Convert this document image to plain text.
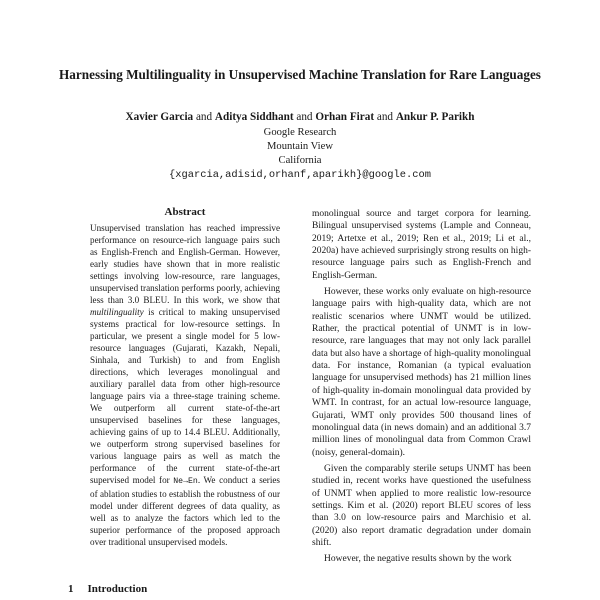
Harnessing Multilinguality in Unsupervised Machine Translation for Rare Languages
Xavier Garcia and Aditya Siddhant and Orhan Firat and Ankur P. Parikh
Google Research
Mountain View
California
{xgarcia,adisid,orhanf,aparikh}@google.com
Abstract

Unsupervised translation has reached impressive performance on resource-rich language pairs such as English-French and English-German. However, early studies have shown that in more realistic settings involving low-resource, rare languages, unsupervised translation performs poorly, achieving less than 3.0 BLEU. In this work, we show that multilinguality is critical to making unsupervised systems practical for low-resource settings. In particular, we present a single model for 5 low-resource languages (Gujarati, Kazakh, Nepali, Sinhala, and Turkish) to and from English directions, which leverages monolingual and auxiliary parallel data from other high-resource language pairs via a three-stage training scheme. We outperform all current state-of-the-art unsupervised baselines for these languages, achieving gains of up to 14.4 BLEU. Additionally, we outperform strong supervised baselines for various language pairs as well as match the performance of the current state-of-the-art supervised model for Ne→En. We conduct a series of ablation studies to establish the robustness of our model under different degrees of data quality, as well as to analyze the factors which led to the superior performance of the proposed approach over traditional unsupervised models.

1 Introduction

monolingual source and target corpora for learning. Bilingual unsupervised systems (Lample and Conneau, 2019; Artetxe et al., 2019; Ren et al., 2019; Li et al., 2020a) have achieved surprisingly strong results on high-resource language pairs such as English-French and English-German.

However, these works only evaluate on high-resource language pairs with high-quality data, which are not realistic scenarios where UNMT would be utilized. Rather, the practical potential of UNMT is in low-resource, rare languages that may not only lack parallel data but also have a shortage of high-quality monolingual data. For instance, Romanian (a typical evaluation language for unsupervised methods) has 21 million lines of high-quality in-domain monolingual data provided by WMT. In contrast, for an actual low-resource language, Gujarati, WMT only provides 500 thousand lines of monolingual data (in news domain) and an additional 3.7 million lines of monolingual data from Common Crawl (noisy, general-domain).

Given the comparably sterile setups UNMT has been studied in, recent works have questioned the usefulness of UNMT when applied to more realistic low-resource settings. Kim et al. (2020) report BLEU scores of less than 3.0 on low-resource pairs and Marchisio et al. (2020) also report dramatic degradation under domain shift.

However, the negative results shown by the work
